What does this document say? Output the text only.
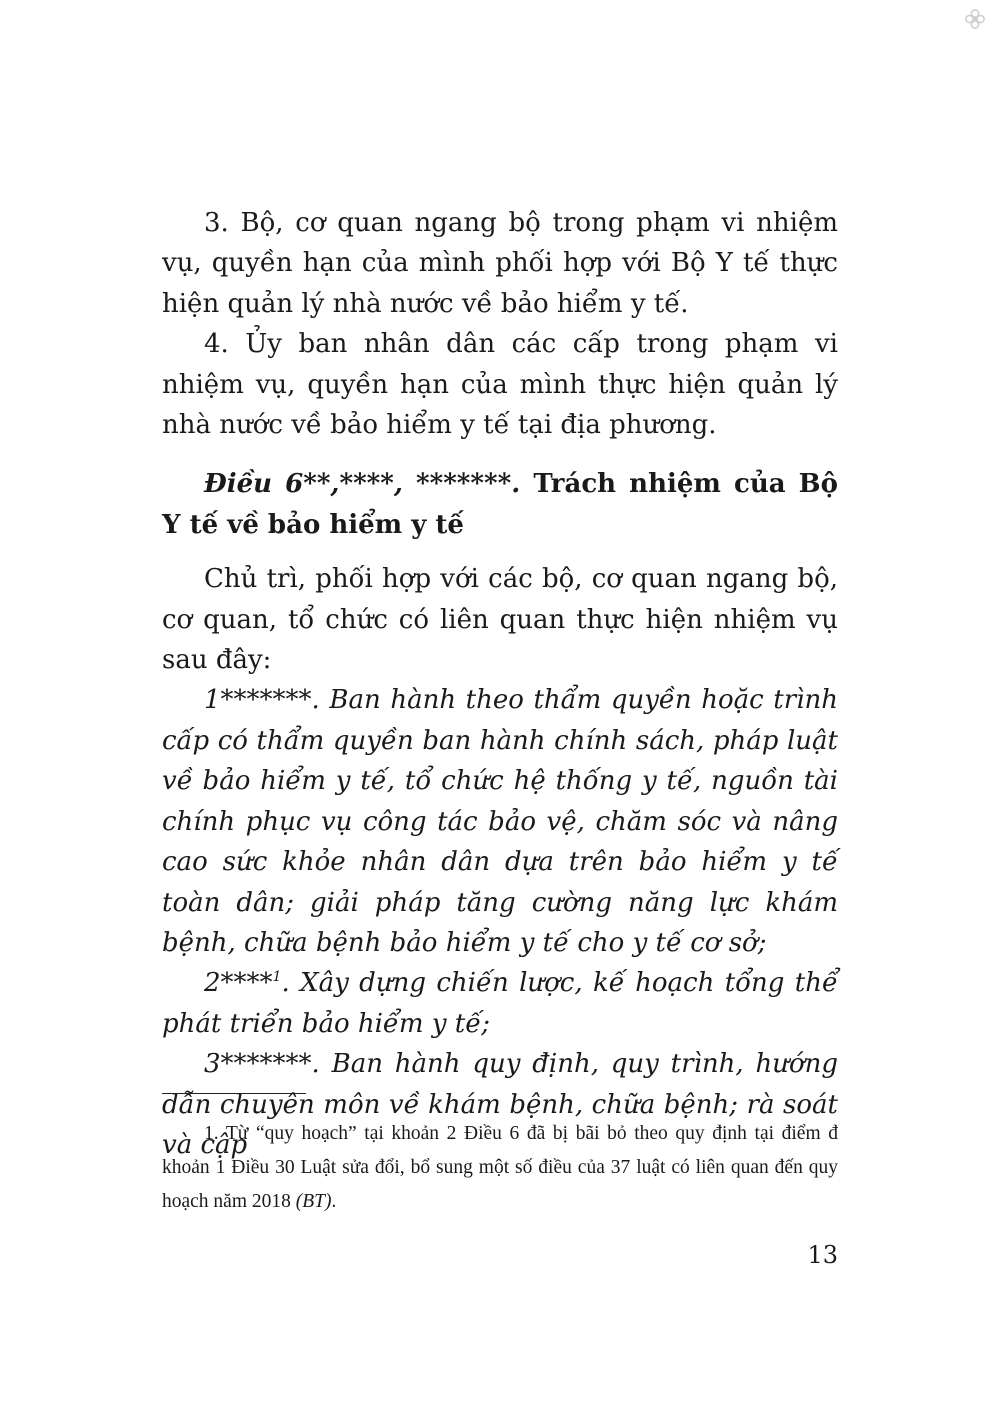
3. Bộ, cơ quan ngang bộ trong phạm vi nhiệm vụ, quyền hạn của mình phối hợp với Bộ Y tế thực hiện quản lý nhà nước về bảo hiểm y tế.

4. Ủy ban nhân dân các cấp trong phạm vi nhiệm vụ, quyền hạn của mình thực hiện quản lý nhà nước về bảo hiểm y tế tại địa phương.

Điều 6**,****, *******. Trách nhiệm của Bộ Y tế về bảo hiểm y tế

Chủ trì, phối hợp với các bộ, cơ quan ngang bộ, cơ quan, tổ chức có liên quan thực hiện nhiệm vụ sau đây:

1*******. Ban hành theo thẩm quyền hoặc trình cấp có thẩm quyền ban hành chính sách, pháp luật về bảo hiểm y tế, tổ chức hệ thống y tế, nguồn tài chính phục vụ công tác bảo vệ, chăm sóc và nâng cao sức khỏe nhân dân dựa trên bảo hiểm y tế toàn dân; giải pháp tăng cường năng lực khám bệnh, chữa bệnh bảo hiểm y tế cho y tế cơ sở;

2****$^1$. Xây dựng chiến lược, kế hoạch tổng thể phát triển bảo hiểm y tế;

3*******. Ban hành quy định, quy trình, hướng dẫn chuyên môn về khám bệnh, chữa bệnh; rà soát và cập

1. Từ “quy hoạch” tại khoản 2 Điều 6 đã bị bãi bỏ theo quy định tại điểm đ khoản 1 Điều 30 Luật sửa đổi, bổ sung một số điều của 37 luật có liên quan đến quy hoạch năm 2018 (BT).

13
